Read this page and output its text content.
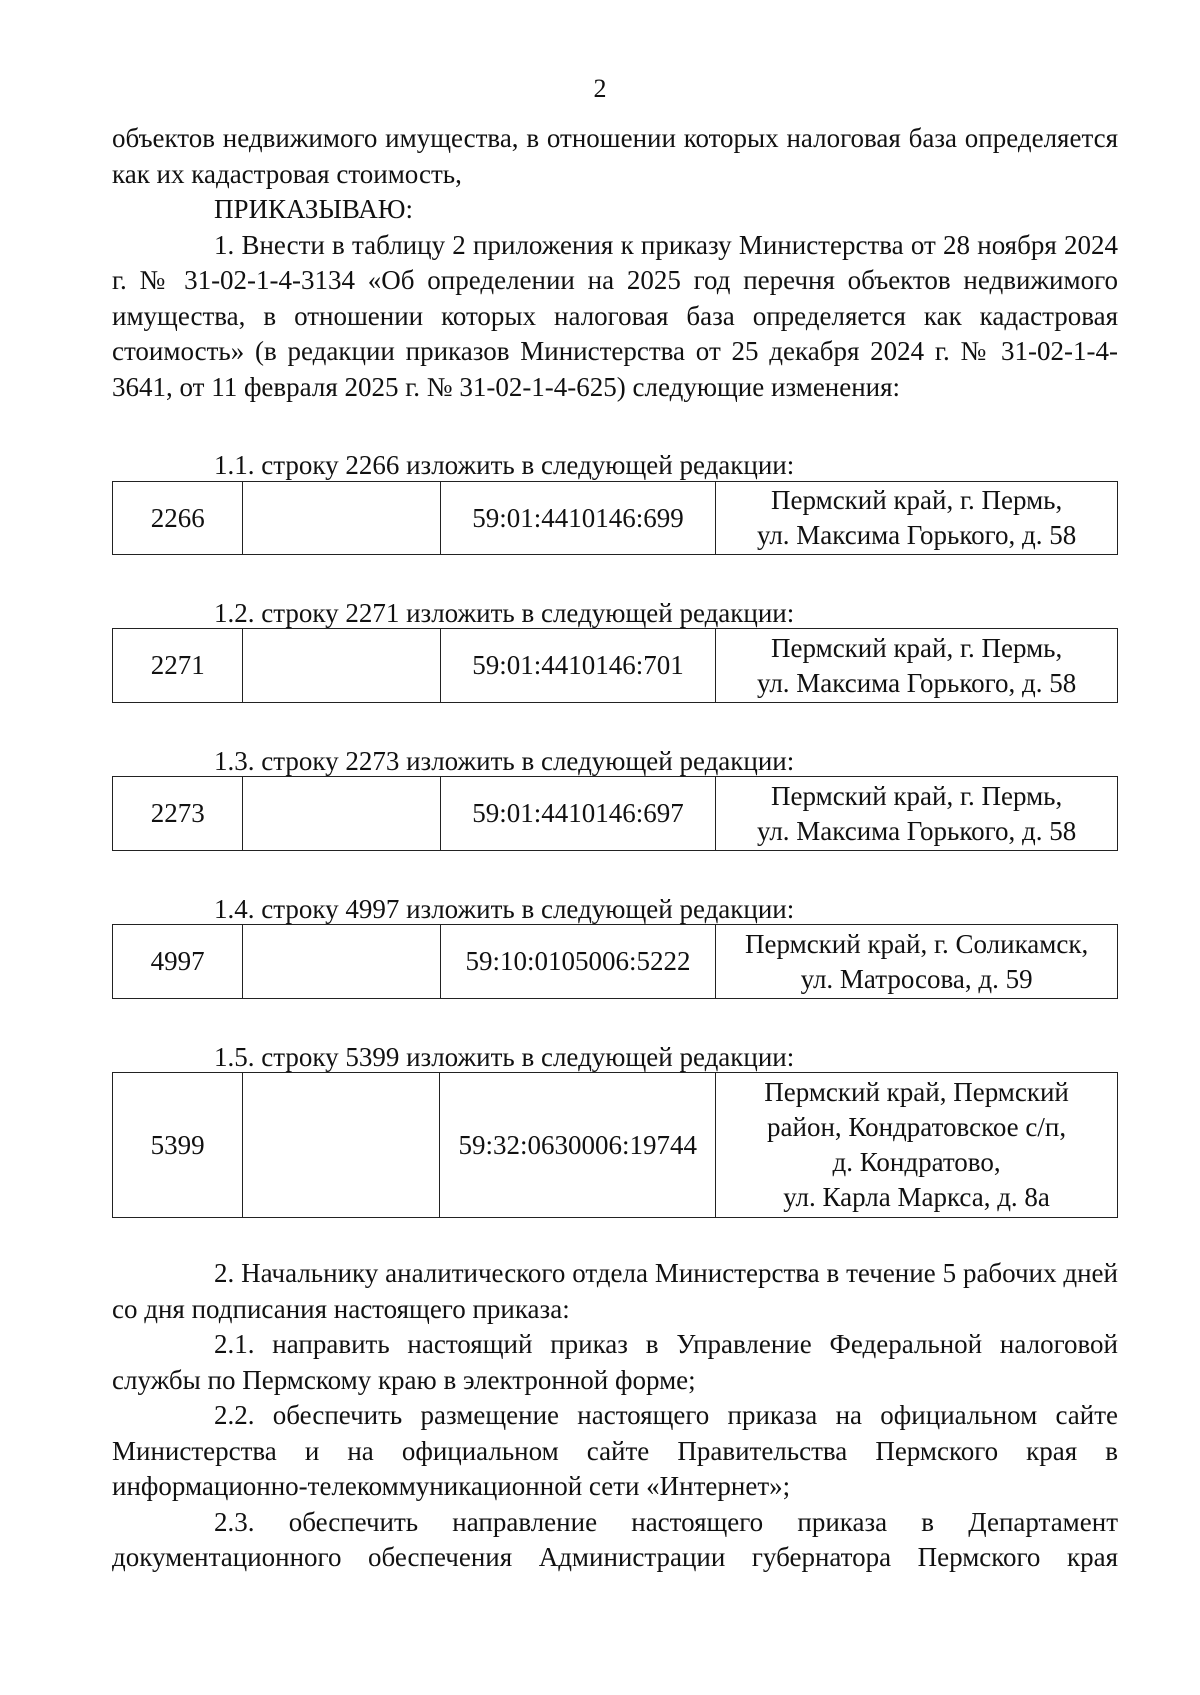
2

объектов недвижимого имущества, в отношении которых налоговая база определяется как их кадастровая стоимость,

ПРИКАЗЫВАЮ:

1. Внести в таблицу 2 приложения к приказу Министерства от 28 ноября 2024 г. № 31-02-1-4-3134 «Об определении на 2025 год перечня объектов недвижимого имущества, в отношении которых налоговая база определяется как кадастровая стоимость» (в редакции приказов Министерства от 25 декабря 2024 г. № 31-02-1-4-3641, от 11 февраля 2025 г. № 31-02-1-4-625) следующие изменения:

1.1. строку 2266 изложить в следующей редакции:
2266		59:01:4410146:699	
Пермский край, г. Пермь,
ул. Максима Горького, д. 58
1.2. строку 2271 изложить в следующей редакции:
2271		59:01:4410146:701	
Пермский край, г. Пермь,
ул. Максима Горького, д. 58
1.3. строку 2273 изложить в следующей редакции:
2273		59:01:4410146:697	
Пермский край, г. Пермь,
ул. Максима Горького, д. 58
1.4. строку 4997 изложить в следующей редакции:
4997		59:10:0105006:5222	
Пермский край, г. Соликамск,
ул. Матросова, д. 59
1.5. строку 5399 изложить в следующей редакции:
5399		59:32:0630006:19744	
Пермский край, Пермский
район, Кондратовское с/п,
д. Кондратово,
ул. Карла Маркса, д. 8а

2. Начальнику аналитического отдела Министерства в течение 5 рабочих дней со дня подписания настоящего приказа:

2.1. направить настоящий приказ в Управление Федеральной налоговой службы по Пермскому краю в электронной форме;

2.2. обеспечить размещение настоящего приказа на официальном сайте Министерства и на официальном сайте Правительства Пермского края в информационно-телекоммуникационной сети «Интернет»;

2.3. обеспечить направление настоящего приказа в Департамент

документационного обеспечения Администрации губернатора Пермского края
